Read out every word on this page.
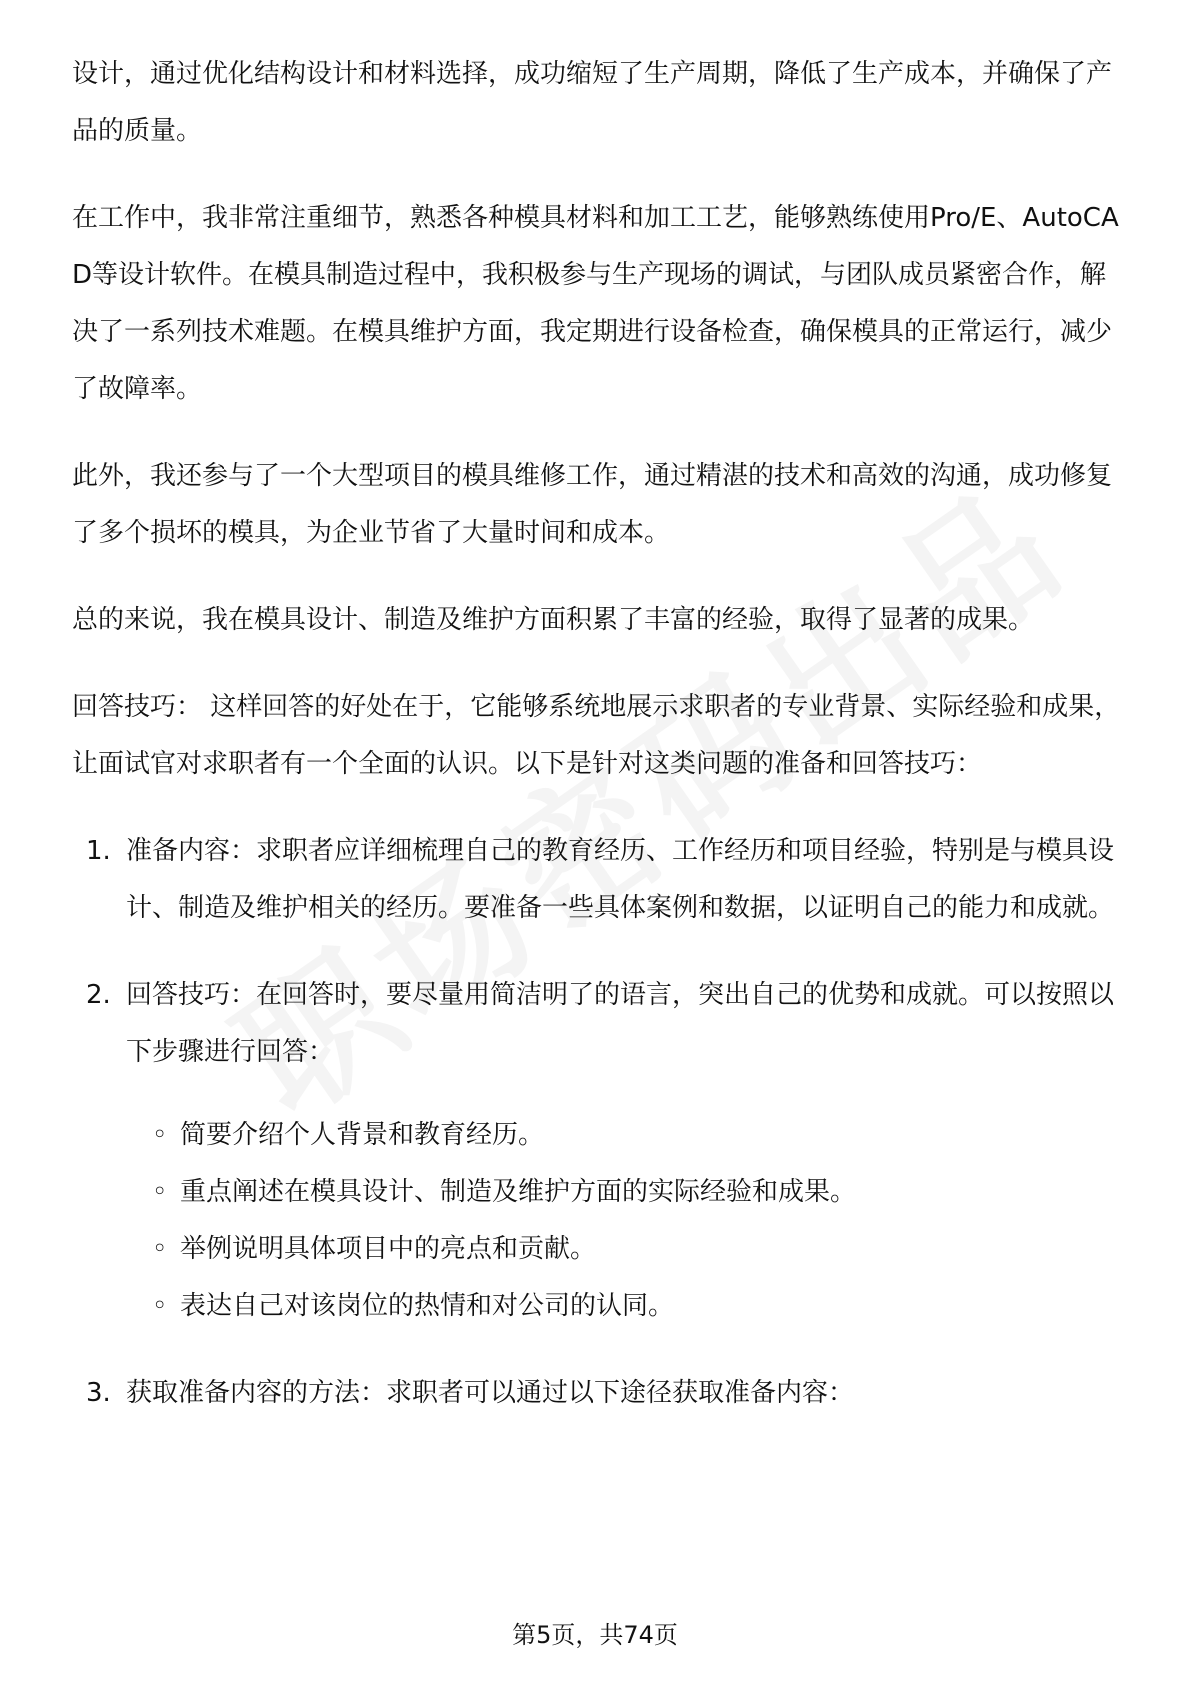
设计，通过优化结构设计和材料选择，成功缩短了生产周期，降低了生产成本，并确保了产品的质量。

在工作中，我非常注重细节，熟悉各种模具材料和加工工艺，能够熟练使用Pro/E、AutoCAD等设计软件。在模具制造过程中，我积极参与生产现场的调试，与团队成员紧密合作，解决了一系列技术难题。在模具维护方面，我定期进行设备检查，确保模具的正常运行，减少了故障率。

此外，我还参与了一个大型项目的模具维修工作，通过精湛的技术和高效的沟通，成功修复了多个损坏的模具，为企业节省了大量时间和成本。

总的来说，我在模具设计、制造及维护方面积累了丰富的经验，取得了显著的成果。

回答技巧： 这样回答的好处在于，它能够系统地展示求职者的专业背景、实际经验和成果，让面试官对求职者有一个全面的认识。以下是针对这类问题的准备和回答技巧：

1. 准备内容：求职者应详细梳理自己的教育经历、工作经历和项目经验，特别是与模具设计、制造及维护相关的经历。要准备一些具体案例和数据，以证明自己的能力和成就。
2. 回答技巧：在回答时，要尽量用简洁明了的语言，突出自己的优势和成就。可以按照以下步骤进行回答：
◦ 简要介绍个人背景和教育经历。
◦ 重点阐述在模具设计、制造及维护方面的实际经验和成果。
◦ 举例说明具体项目中的亮点和贡献。
◦ 表达自己对该岗位的热情和对公司的认同。
3. 获取准备内容的方法：求职者可以通过以下途径获取准备内容：
第5页，共74页
